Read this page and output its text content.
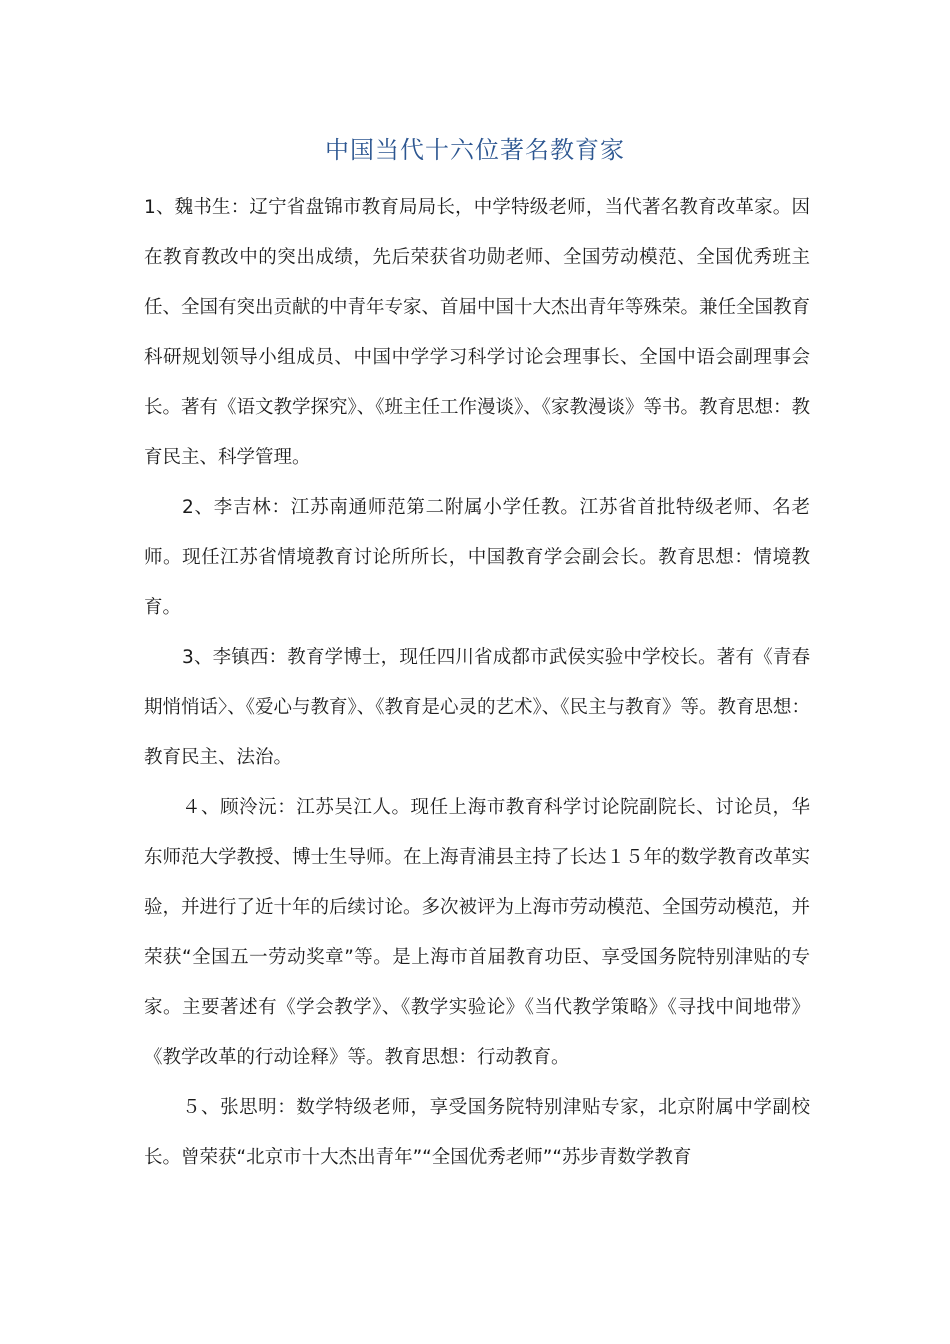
中国当代十六位著名教育家

1、魏书生：辽宁省盘锦市教育局局长，中学特级老师，当代著名教育改革家。因在教育教改中的突出成绩，先后荣获省功勋老师、全国劳动模范、全国优秀班主任、全国有突出贡献的中青年专家、首届中国十大杰出青年等殊荣。兼任全国教育科研规划领导小组成员、中国中学学习科学讨论会理事长、全国中语会副理事会长。著有《语文教学探究》、《班主任工作漫谈》、《家教漫谈》等书。教育思想：教育民主、科学管理。

2、李吉林：江苏南通师范第二附属小学任教。江苏省首批特级老师、名老师。现任江苏省情境教育讨论所所长，中国教育学会副会长。教育思想：情境教育。

3、李镇西：教育学博士，现任四川省成都市武侯实验中学校长。著有《青春期悄悄话〉、《爱心与教育》、《教育是心灵的艺术》、《民主与教育》等。教育思想：教育民主、法治。

４、顾泠沅：江苏吴江人。现任上海市教育科学讨论院副院长、讨论员，华东师范大学教授、博士生导师。在上海青浦县主持了长达１５年的数学教育改革实验，并进行了近十年的后续讨论。多次被评为上海市劳动模范、全国劳动模范，并荣获“全国五一劳动奖章”等。是上海市首届教育功臣、享受国务院特别津贴的专家。主要著述有《学会教学》、《教学实验论》《当代教学策略》《寻找中间地带》《教学改革的行动诠释》等。教育思想：行动教育。

５、张思明：数学特级老师，享受国务院特别津贴专家，北京附属中学副校长。曾荣获“北京市十大杰出青年”“全国优秀老师”“苏步青数学教育
